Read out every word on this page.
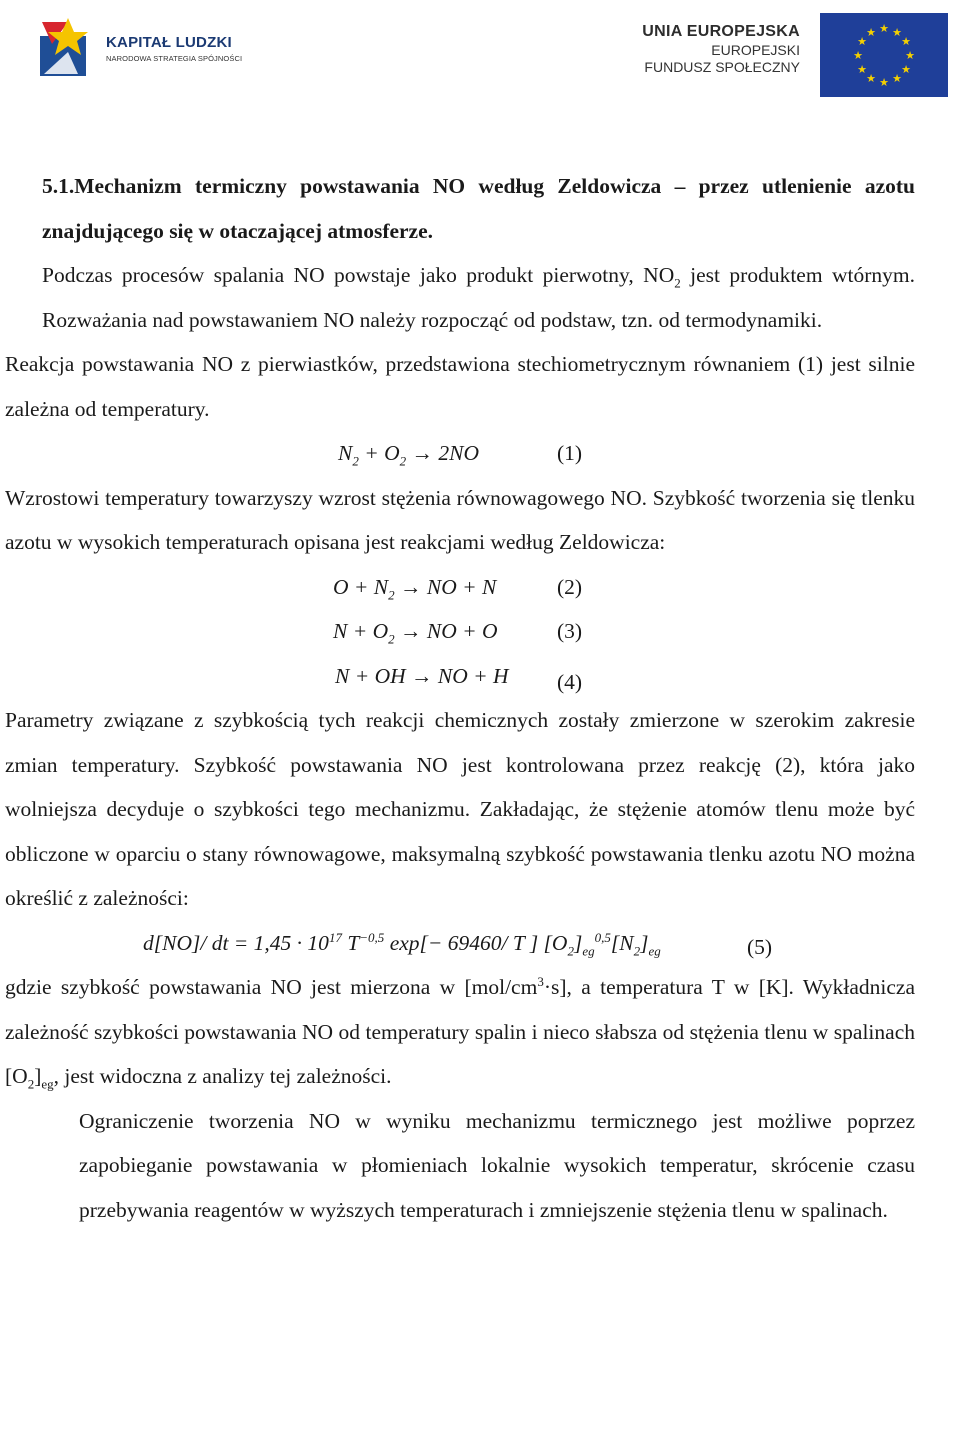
KAPITAŁ LUDZKI
NARODOWA STRATEGIA SPÓJNOŚCI
UNIA EUROPEJSKA
EUROPEJSKI
FUNDUSZ SPOŁECZNY
★ ★
★
★
★
★
★
★
★
★
★
★

5.1.Mechanizm termiczny powstawania NO według Zeldowicza – przez utlenienie azotu znajdującego się w otaczającej atmosferze.

Podczas procesów spalania NO powstaje jako produkt pierwotny, $NO_2$ jest produktem wtórnym. Rozważania nad powstawaniem NO należy rozpocząć od podstaw, tzn. od termodynamiki.

Reakcja powstawania NO z pierwiastków, przedstawiona stechiometrycznym równaniem (1) jest silnie zależna od temperatury.

$N_2 + O_2 \to 2NO$	(1)

Wzrostowi temperatury towarzyszy wzrost stężenia równowagowego NO. Szybkość tworzenia się tlenku azotu w wysokich temperaturach opisana jest reakcjami według Zeldowicza:

$O + N_2$ → NO + N	(2)
$N + O_2$ → NO + O	(3)
N + OH → NO + H (4)

Parametry związane z szybkością tych reakcji chemicznych zostały zmierzone w szerokim zakresie zmian temperatury. Szybkość powstawania NO jest kontrolowana przez reakcję (2), która jako wolniejsza decyduje o szybkości tego mechanizmu. Zakładając, że stężenie atomów tlenu może być obliczone w oparciu o stany równowagowe, maksymalną szybkość powstawania tlenku azotu NO można określić z zależności:

d[NO]/ dt = $1,45 \cdot 10^{17}$ $T^{-0,5}$ exp[− 69460/ T ] $[O_2]_{eg}^{0,5}[N_2]_{eg}$	(5)

gdzie szybkość powstawania NO jest mierzona w $[mol/cm^3\cdot s]$, a temperatura T w [K]. Wykładnicza zależność szybkości powstawania NO od temperatury spalin i nieco słabsza od stężenia tlenu w spalinach $[O_2]_{eg}$, jest widoczna z analizy tej zależności.

Ograniczenie tworzenia NO w wyniku mechanizmu termicznego jest możliwe poprzez zapobieganie powstawania w płomieniach lokalnie wysokich temperatur, skrócenie czasu przebywania reagentów w wyższych temperaturach i zmniejszenie stężenia tlenu w spalinach.
